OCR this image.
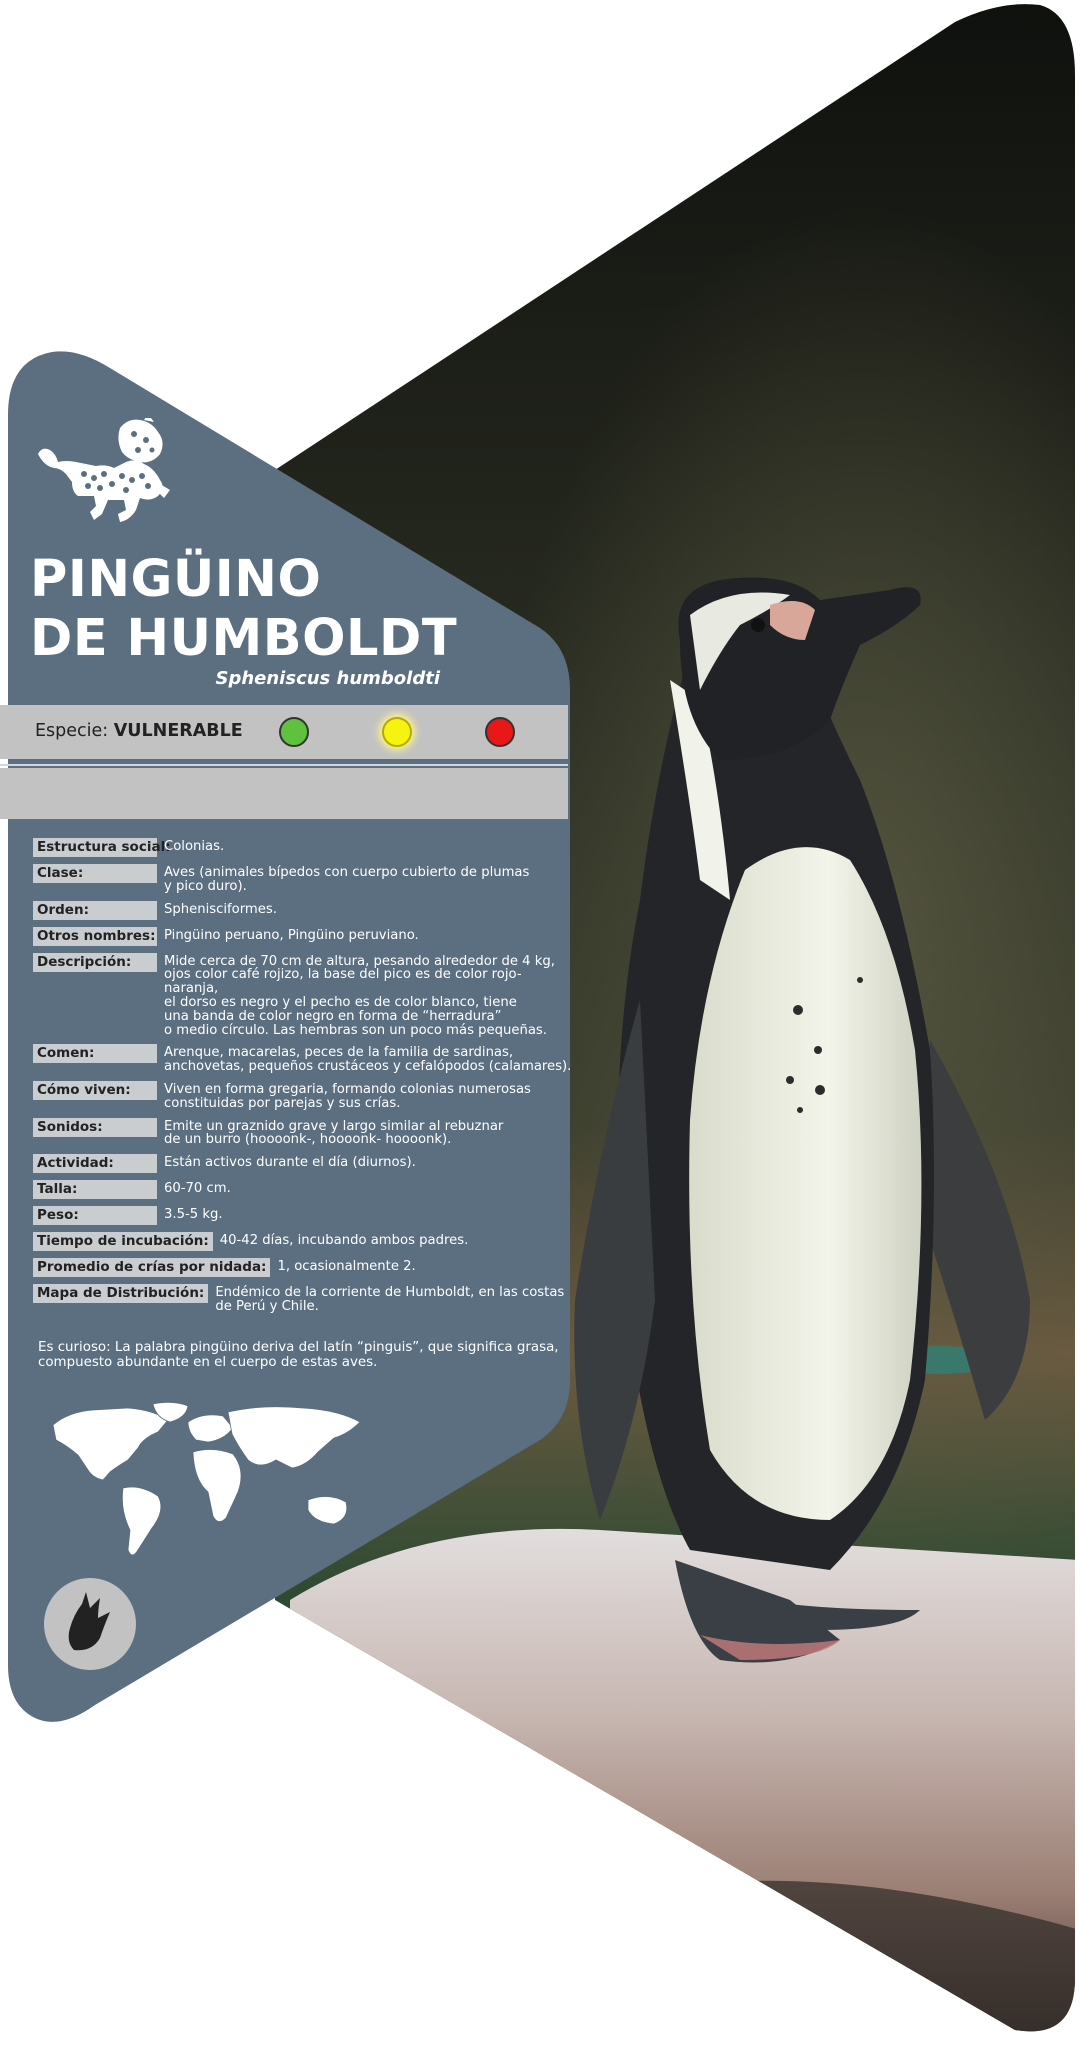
PINGÜINO
DE HUMBOLDT
Spheniscus humboldti
Especie: VULNERABLE
Estructura social:
Colonias.
Clase:	Aves (animales bípedos con cuerpo cubierto de plumas
y pico duro).
Orden:	Sphenisciformes.
Otros nombres: Pingüino peruano, Pingüino peruviano.
Descripción:	Mide cerca de 70 cm de altura, pesando alrededor de 4 kg,
ojos color café rojizo, la base del pico es de color rojo-naranja,
el dorso es negro y el pecho es de color blanco, tiene
una banda de color negro en forma de “herradura”
o medio círculo. Las hembras son un poco más pequeñas.
Comen:	Arenque, macarelas, peces de la familia de sardinas,
anchovetas, pequeños crustáceos y cefalópodos (calamares).
Cómo viven:	Viven en forma gregaria, formando colonias numerosas
constituidas por parejas y sus crías.
Sonidos:	Emite un graznido grave y largo similar al rebuznar
de un burro (hoooonk-, hoooonk- hoooonk).
Actividad:	Están activos durante el día (diurnos).
Talla:	60-70 cm.
Peso:	3.5-5 kg.
Tiempo de incubación: 40-42 días, incubando ambos padres.
Promedio de crías por nidada: 1, ocasionalmente 2.
Mapa de Distribución: Endémico de la corriente de Humboldt, en las costas
de Perú y Chile.
Es curioso: La palabra pingüino deriva del latín “pinguis”, que significa grasa, compuesto abundante en el cuerpo de estas aves.
